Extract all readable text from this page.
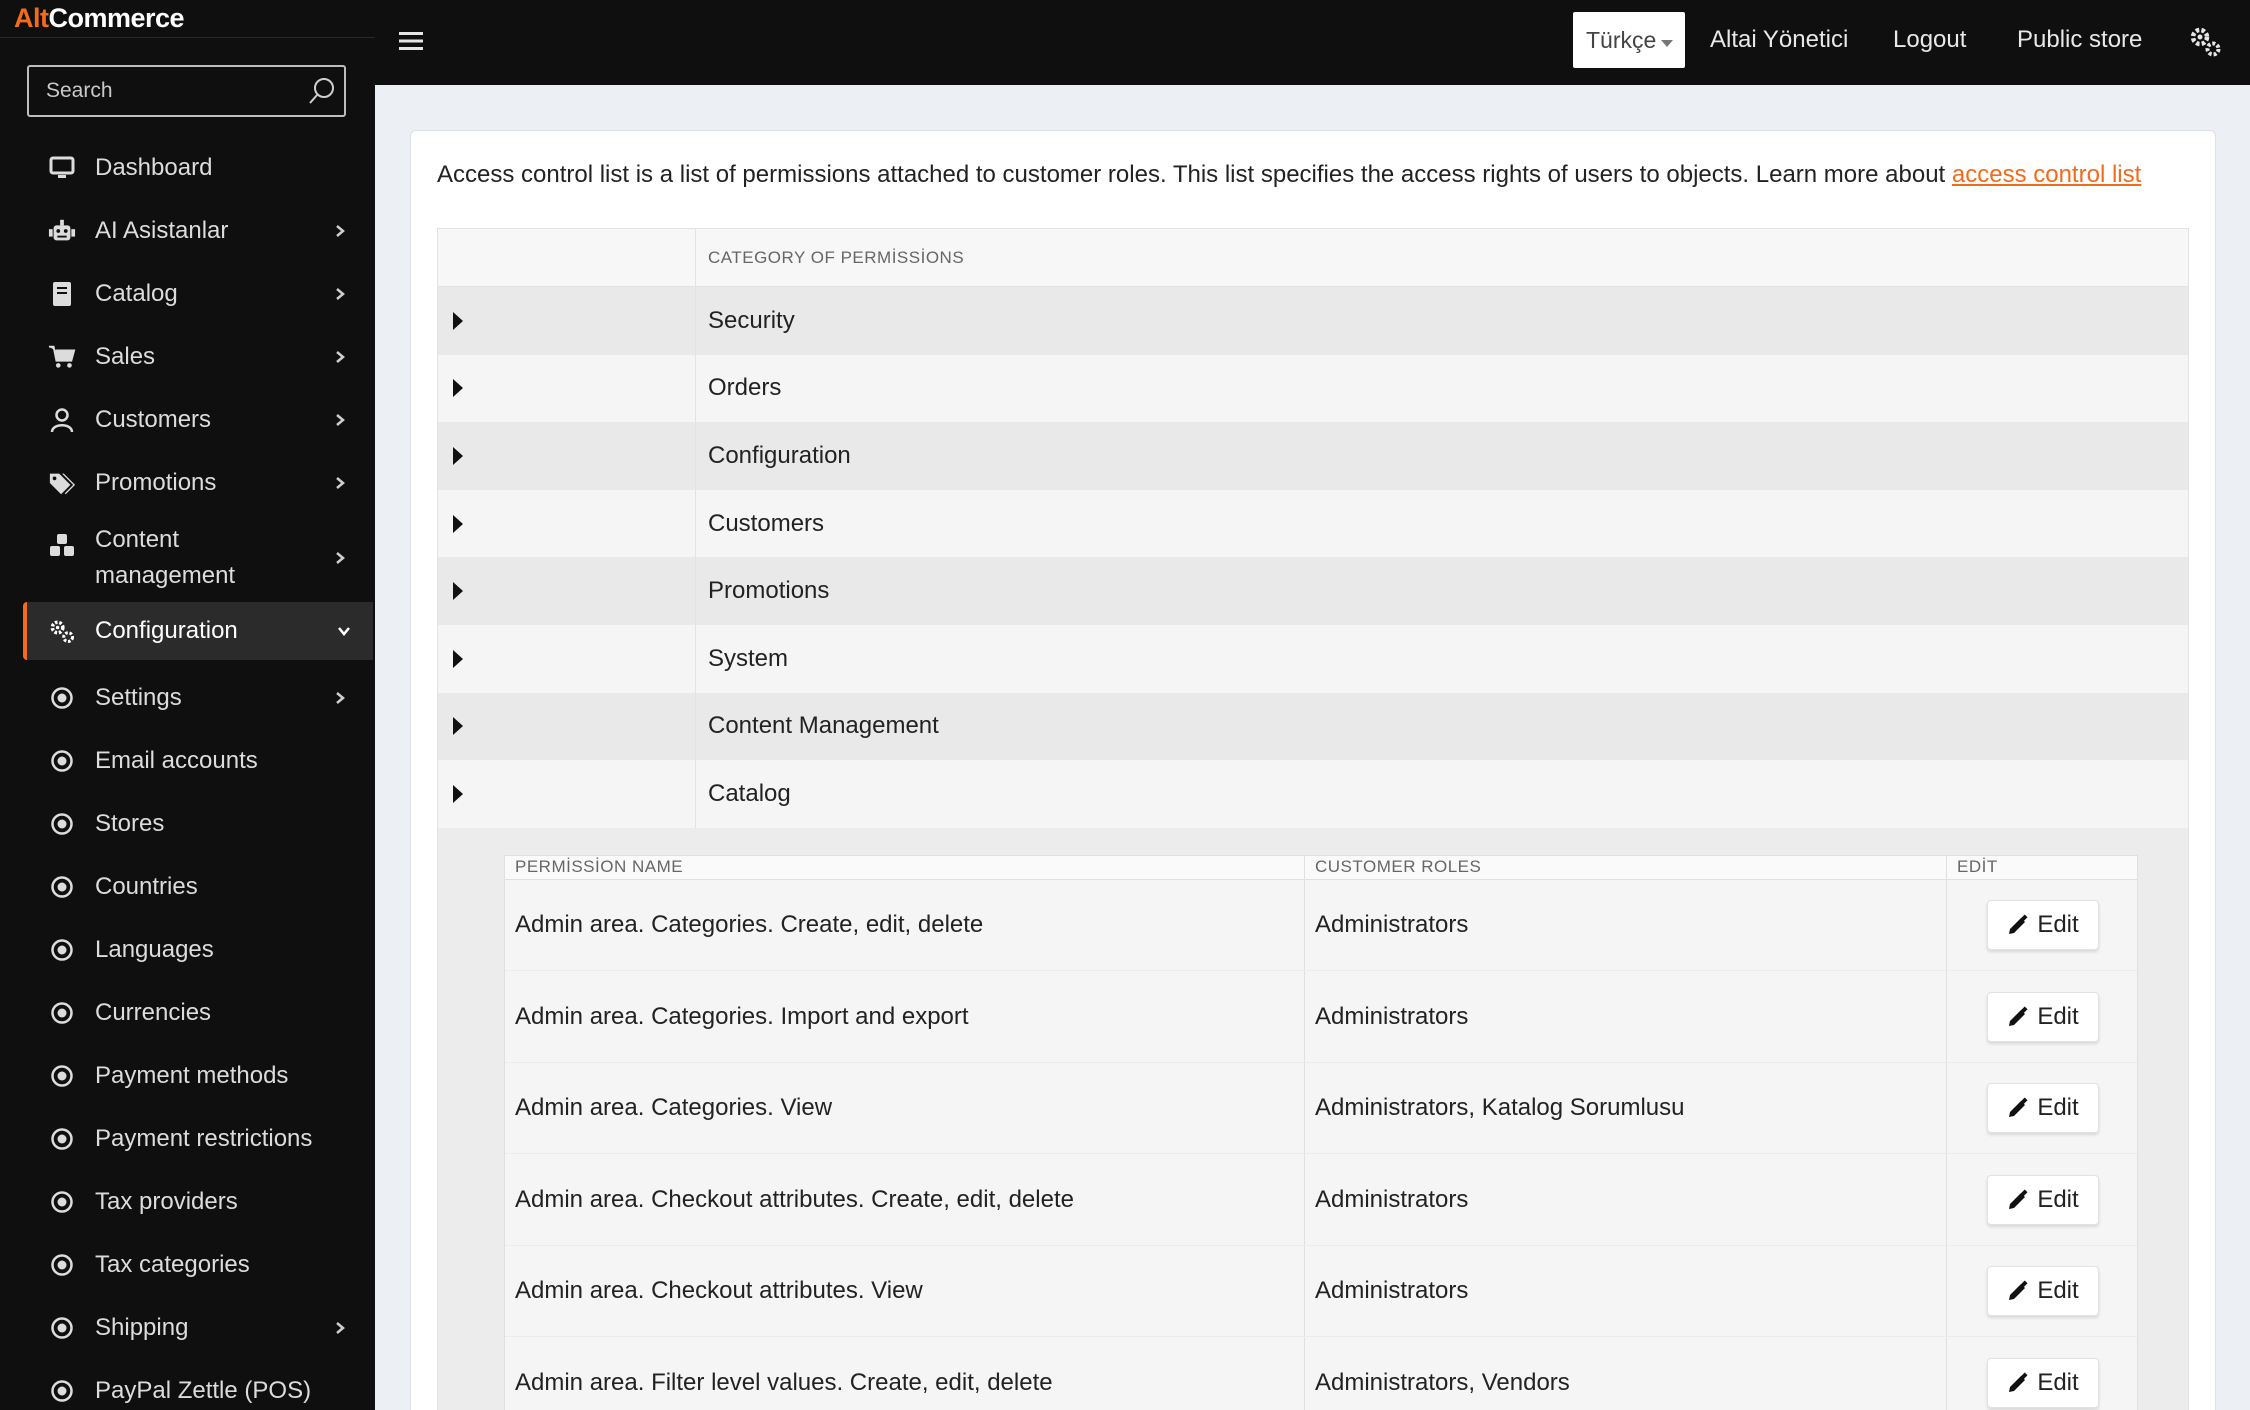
AltCommerce
Search
Dashboard
AI Asistanlar
Catalog
Sales
Customers
Promotions
Content management
Configuration
Settings
Email accounts
Stores
Countries
Languages
Currencies
Payment methods
Payment restrictions
Tax providers
Tax categories
Shipping
PayPal Zettle (POS)
Türkçe Altai Yönetici Logout Public store
Access control list is a list of permissions attached to customer roles. This list specifies the access rights of users to objects. Learn more about access control list
CATEGORY OF PERMİSSİONS
Security
Orders
Configuration
Customers
Promotions
System
Content Management
Catalog
PERMİSSİON NAME	CUSTOMER ROLES	EDİT
Admin area. Categories. Create, edit, delete	Administrators	Edit
Admin area. Categories. Import and export	Administrators	Edit
Admin area. Categories. View	Administrators, Katalog Sorumlusu	Edit
Admin area. Checkout attributes. Create, edit, delete	Administrators	Edit
Admin area. Checkout attributes. View	Administrators	Edit
Admin area. Filter level values. Create, edit, delete	Administrators, Vendors	Edit
